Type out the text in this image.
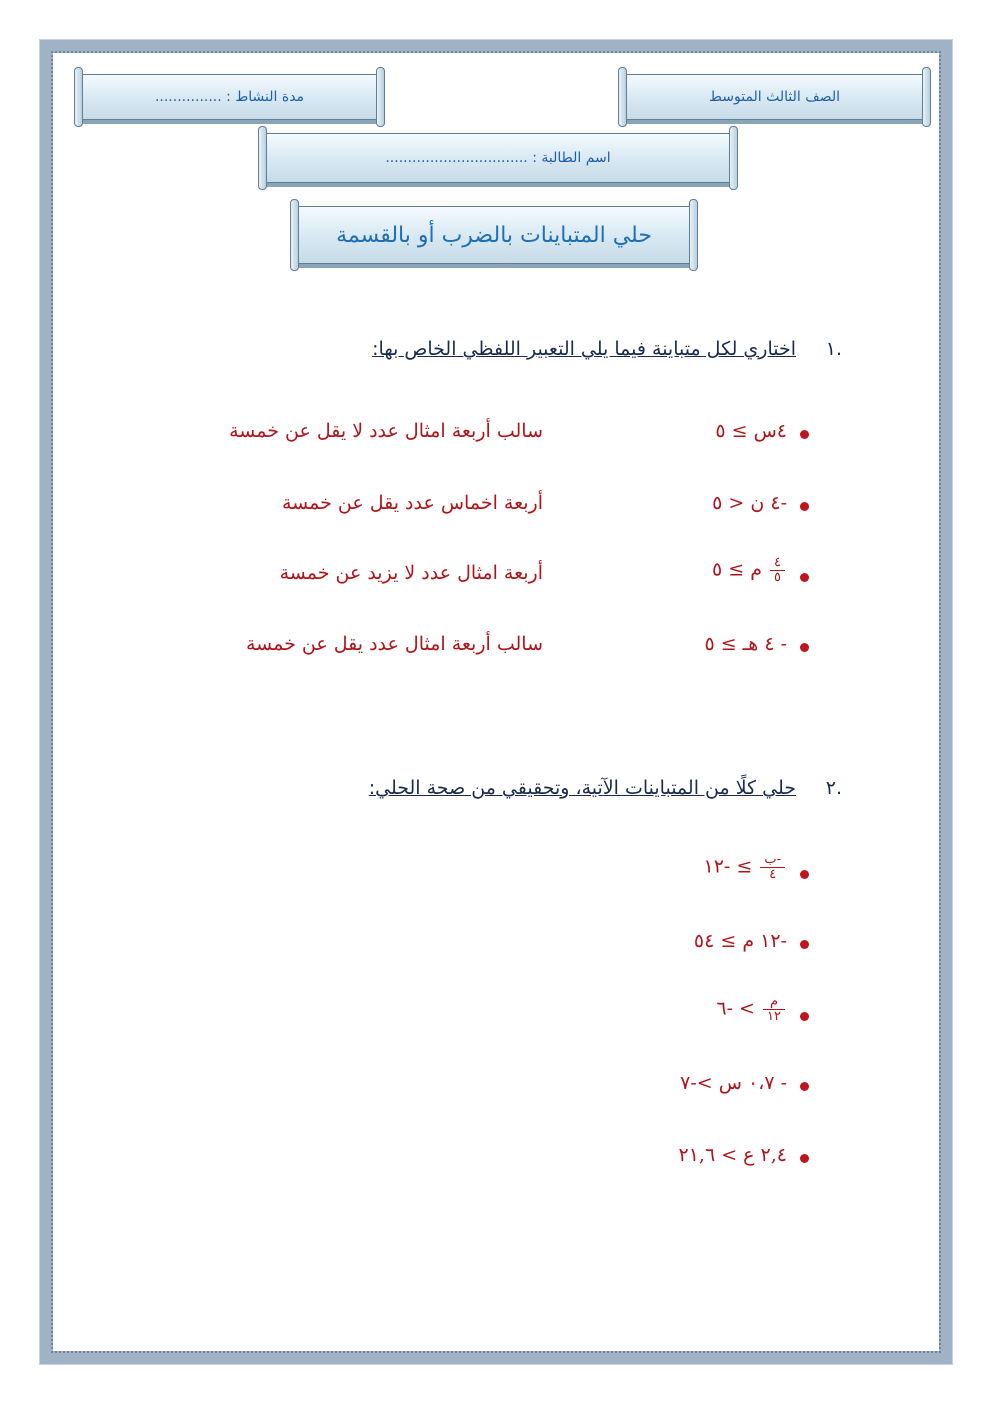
الصف الثالث المتوسط
مدة النشاط : ...............
اسم الطالبة : ................................
حلي المتباينات بالضرب أو بالقسمة
.١اختاري لكل متباينة فيما يلي التعبير اللفظي الخاص بها:
٤س ≥ ٥
سالب أربعة امثال عدد لا يقل عن خمسة
-٤ ن < ٥
أربعة اخماس عدد يقل عن خمسة
$\frac{٤}{٥}$
م ≥ ٥
أربعة امثال عدد لا يزيد عن خمسة
- ٤ هـ ≥ ٥
سالب أربعة امثال عدد يقل عن خمسة
.٢حلي كلًا من المتباينات الآتية، وتحقيقي من صحة الحلي:
$\frac{\text{-ب}}{٤}$
≥ -١٢
-١٢ م ≥ ٥٤
$\frac{\text{م}}{١٢}$
> -٦
- ٠،٧ س >-٧
٢,٤ ع > ٢١,٦
